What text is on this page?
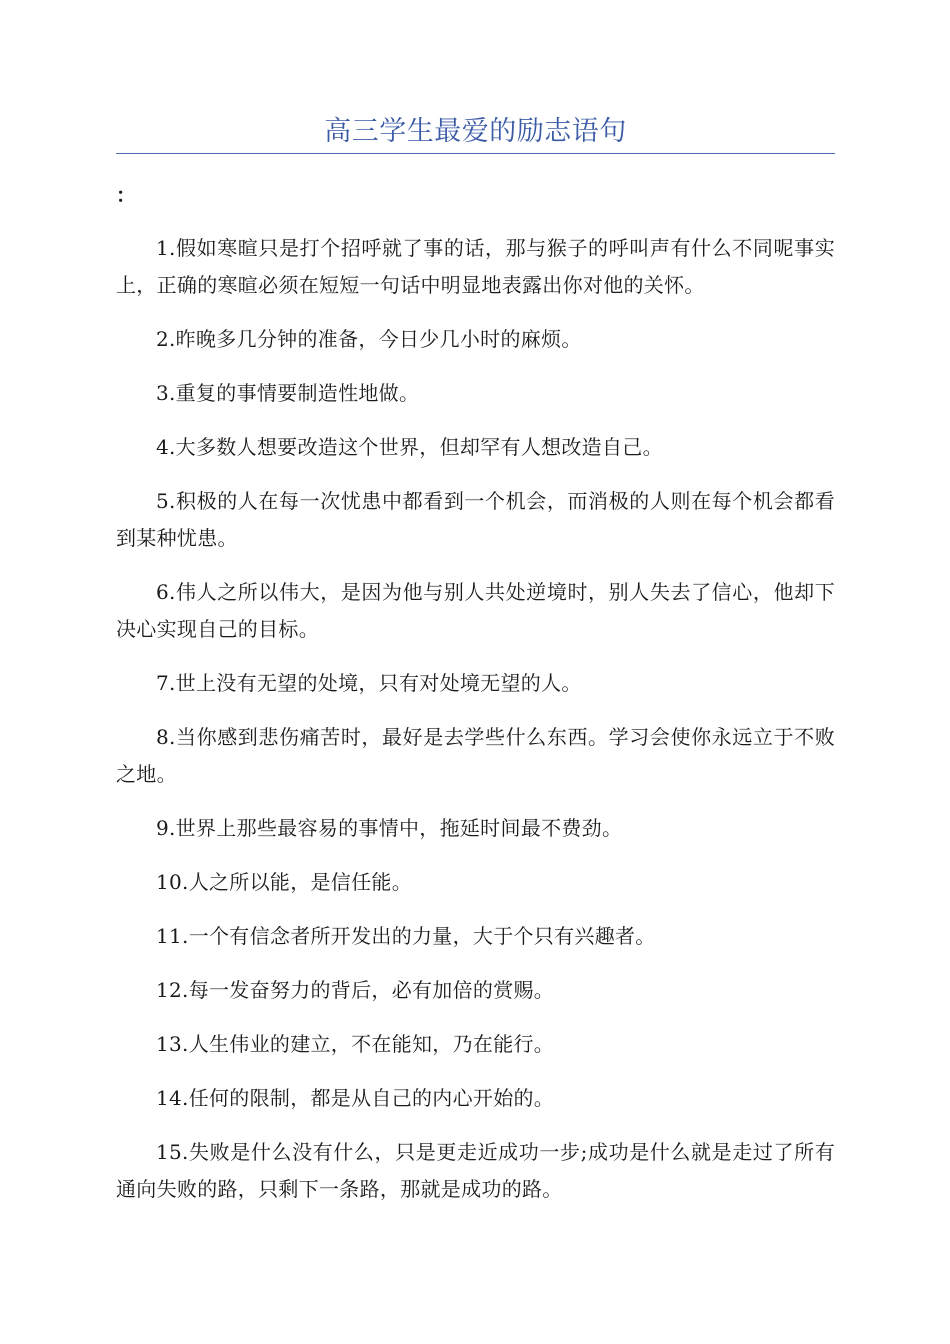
高三学生最爱的励志语句
：

1.假如寒暄只是打个招呼就了事的话，那与猴子的呼叫声有什么不同呢事实上，正确的寒暄必须在短短一句话中明显地表露出你对他的关怀。

2.昨晚多几分钟的准备，今日少几小时的麻烦。

3.重复的事情要制造性地做。

4.大多数人想要改造这个世界，但却罕有人想改造自己。

5.积极的人在每一次忧患中都看到一个机会，而消极的人则在每个机会都看到某种忧患。

6.伟人之所以伟大，是因为他与别人共处逆境时，别人失去了信心，他却下决心实现自己的目标。

7.世上没有无望的处境，只有对处境无望的人。

8.当你感到悲伤痛苦时，最好是去学些什么东西。学习会使你永远立于不败之地。

9.世界上那些最容易的事情中，拖延时间最不费劲。

10.人之所以能，是信任能。

11.一个有信念者所开发出的力量，大于个只有兴趣者。

12.每一发奋努力的背后，必有加倍的赏赐。

13.人生伟业的建立，不在能知，乃在能行。

14.任何的限制，都是从自己的内心开始的。

15.失败是什么没有什么，只是更走近成功一步;成功是什么就是走过了所有通向失败的路，只剩下一条路，那就是成功的路。
